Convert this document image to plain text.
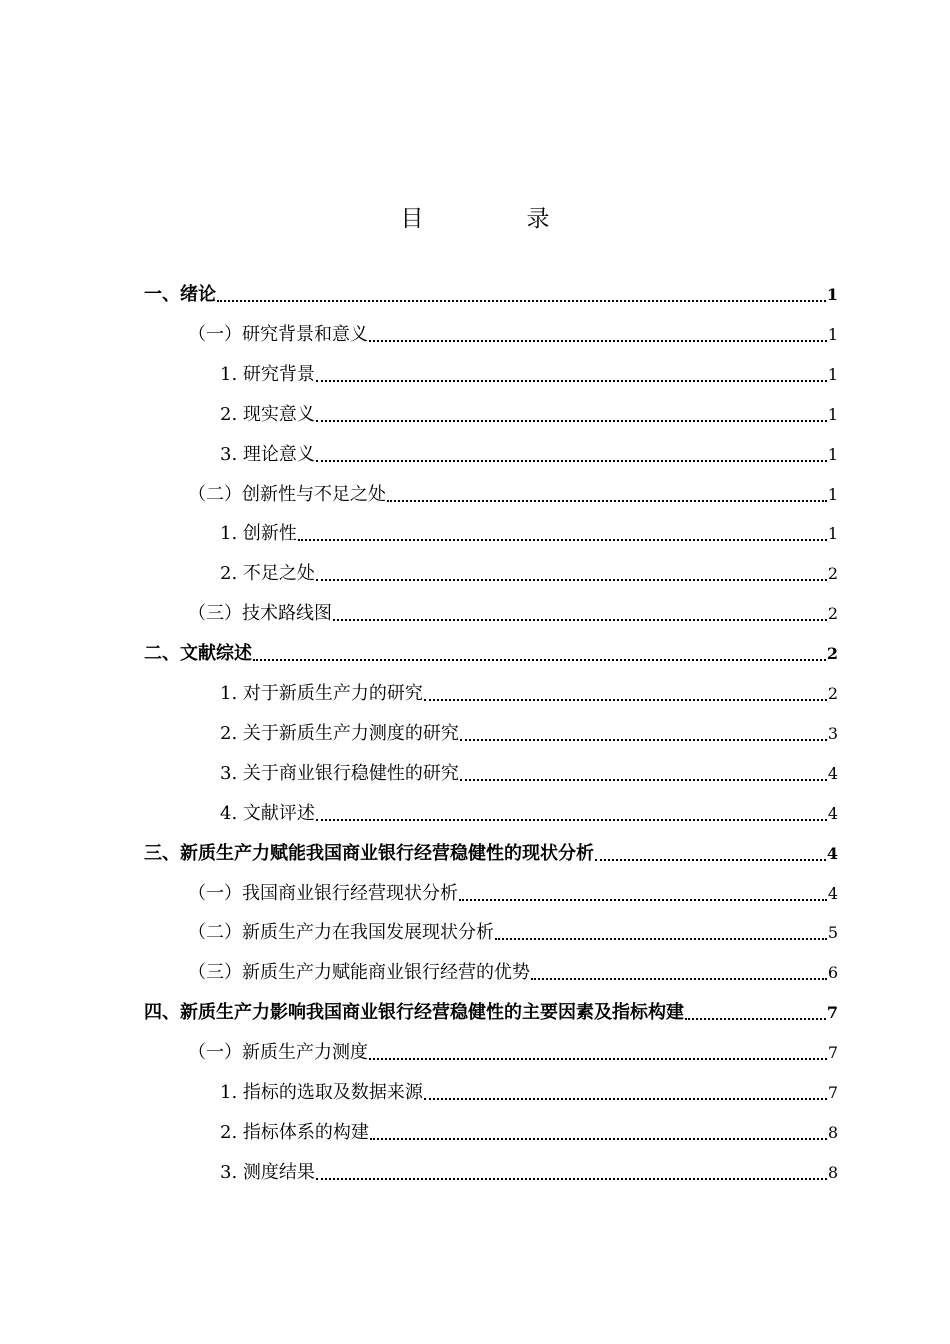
目　录
一、绪论	1
（一）研究背景和意义	1
1. 研究背景	1
2. 现实意义	1
3. 理论意义	1
（二）创新性与不足之处	1
1. 创新性	1
2. 不足之处	2
（三）技术路线图	2
二、文献综述	2
1. 对于新质生产力的研究	2
2. 关于新质生产力测度的研究	3
3. 关于商业银行稳健性的研究	4
4. 文献评述	4
三、新质生产力赋能我国商业银行经营稳健性的现状分析	4
（一）我国商业银行经营现状分析	4
（二）新质生产力在我国发展现状分析	5
（三）新质生产力赋能商业银行经营的优势	6
四、新质生产力影响我国商业银行经营稳健性的主要因素及指标构建	7
（一）新质生产力测度	7
1. 指标的选取及数据来源	7
2. 指标体系的构建	8
3. 测度结果	8
